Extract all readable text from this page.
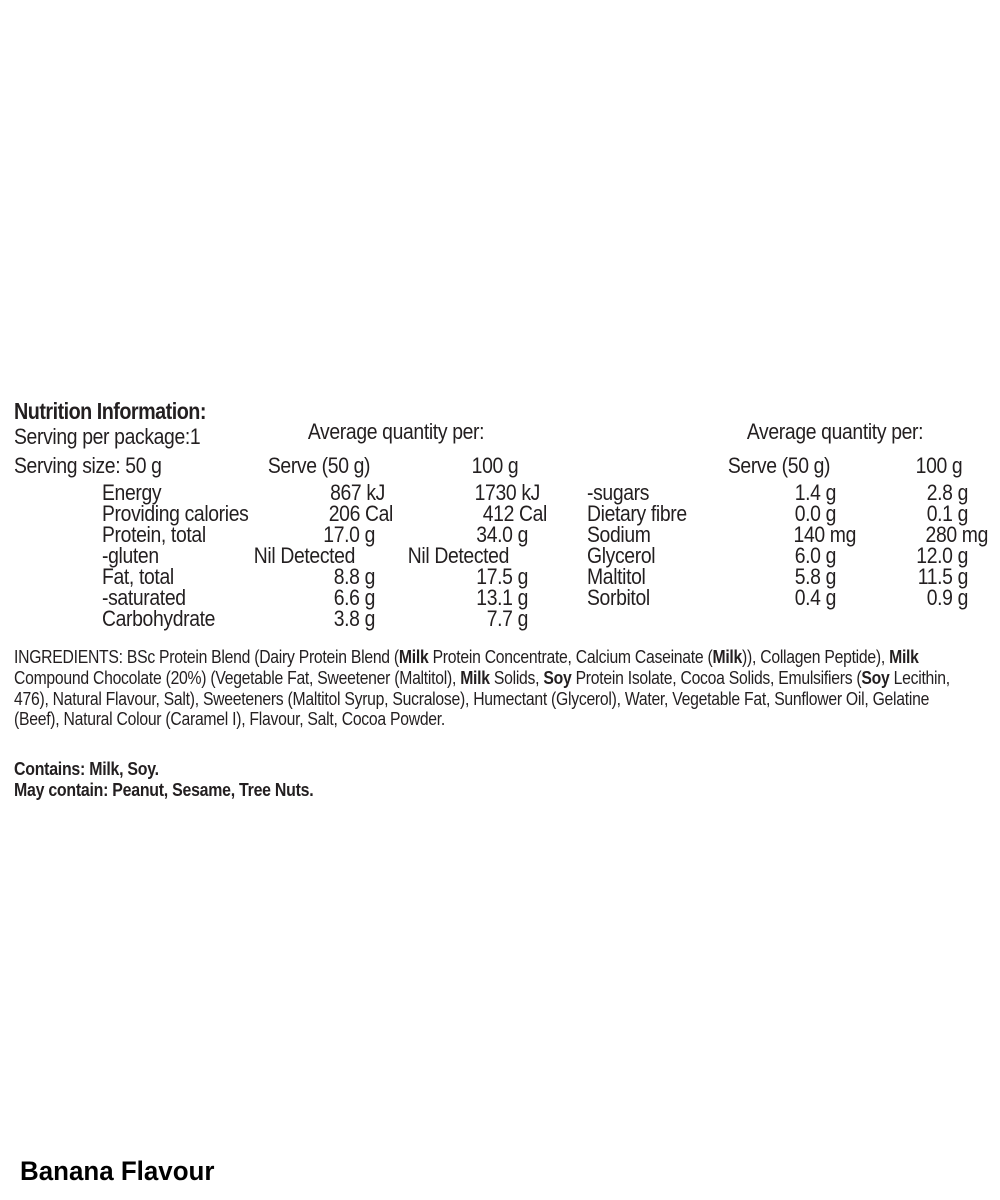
Nutrition Information:
Serving per package:1
Serving size: 50 g
Average quantity per:	Average quantity per:
Serve (50 g)	100 g	Serve (50 g)	100 g
Energy	867 kJ	1730 kJ
Providing calories	206 Cal	412 Cal
Protein, total	17.0 g	34.0 g
-gluten	Nil Detected Nil Detected
Fat, total	8.8 g	17.5 g
-saturated	6.6 g	13.1 g
Carbohydrate	3.8 g	7.7 g
-sugars	1.4 g	2.8 g
Dietary fibre	0.0 g	0.1 g
Sodium	140 mg	280 mg
Glycerol	6.0 g	12.0 g
Maltitol	5.8 g	11.5 g
Sorbitol	0.4 g	0.9 g
INGREDIENTS: BSc Protein Blend (Dairy Protein Blend (Milk Protein Concentrate, Calcium Caseinate (Milk)), Collagen Peptide), Milk Compound Chocolate (20%) (Vegetable Fat, Sweetener (Maltitol), Milk Solids, Soy Protein Isolate, Cocoa Solids, Emulsifiers (Soy Lecithin, 476), Natural Flavour, Salt), Sweeteners (Maltitol Syrup, Sucralose), Humectant (Glycerol), Water, Vegetable Fat, Sunflower Oil, Gelatine (Beef), Natural Colour (Caramel I), Flavour, Salt, Cocoa Powder.
Contains: Milk, Soy.
May contain: Peanut, Sesame, Tree Nuts.
Banana Flavour
